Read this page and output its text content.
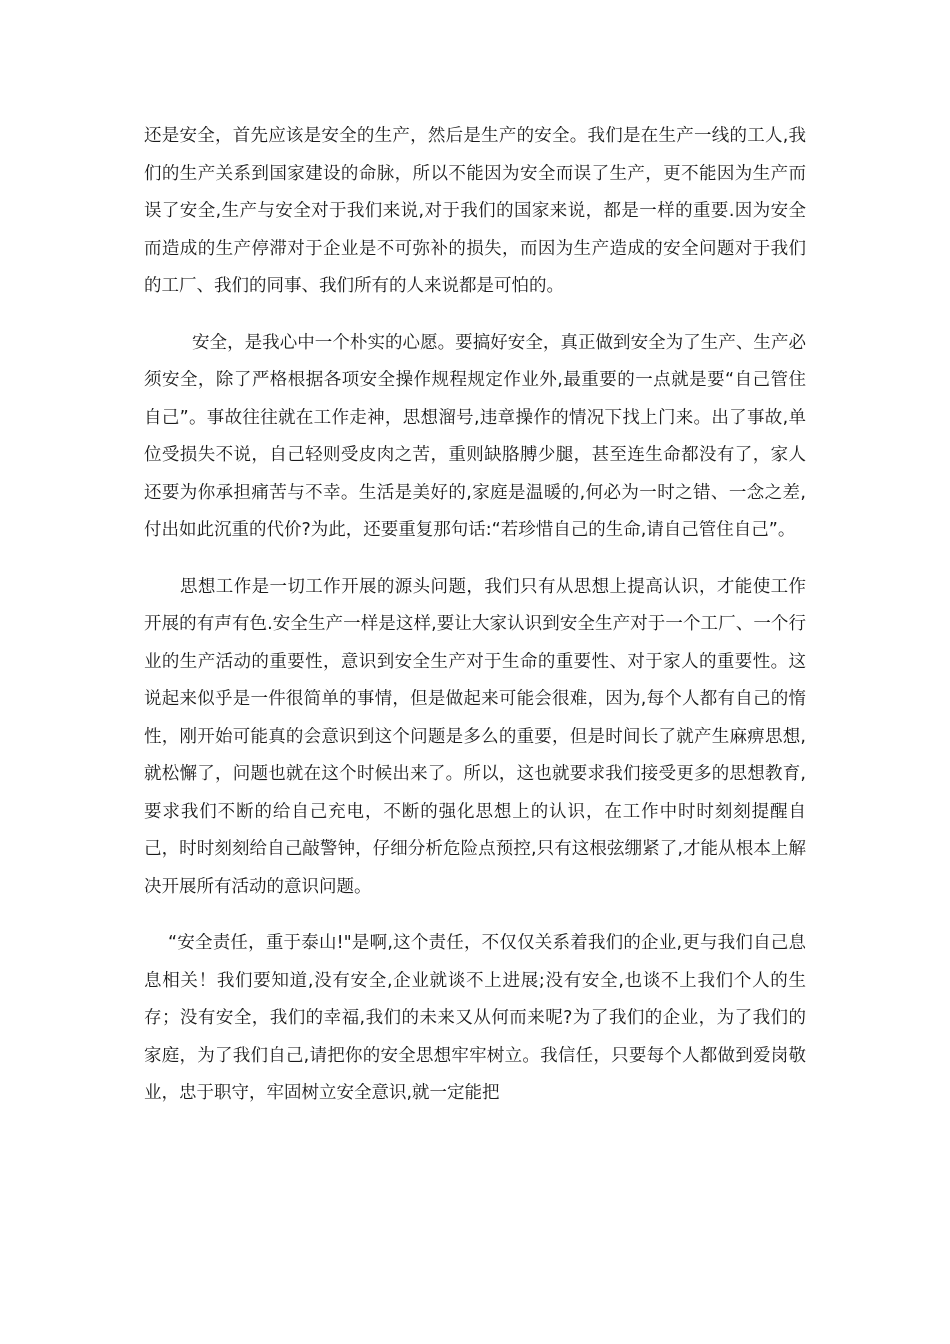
还是安全，首先应该是安全的生产，然后是生产的安全。我们是在生产一线的工人,我们的生产关系到国家建设的命脉，所以不能因为安全而误了生产，更不能因为生产而误了安全,生产与安全对于我们来说,对于我们的国家来说，都是一样的重要.因为安全而造成的生产停滞对于企业是不可弥补的损失，而因为生产造成的安全问题对于我们的工厂、我们的同事、我们所有的人来说都是可怕的。

安全，是我心中一个朴实的心愿。要搞好安全，真正做到安全为了生产、生产必须安全，除了严格根据各项安全操作规程规定作业外,最重要的一点就是要“自己管住自己”。事故往往就在工作走神，思想溜号,违章操作的情况下找上门来。出了事故,单位受损失不说，自己轻则受皮肉之苦，重则缺胳膊少腿，甚至连生命都没有了，家人还要为你承担痛苦与不幸。生活是美好的,家庭是温暖的,何必为一时之错、一念之差,付出如此沉重的代价?为此，还要重复那句话:“若珍惜自己的生命,请自己管住自己”。

思想工作是一切工作开展的源头问题，我们只有从思想上提高认识，才能使工作开展的有声有色.安全生产一样是这样,要让大家认识到安全生产对于一个工厂、一个行业的生产活动的重要性，意识到安全生产对于生命的重要性、对于家人的重要性。这说起来似乎是一件很简单的事情，但是做起来可能会很难，因为,每个人都有自己的惰性，刚开始可能真的会意识到这个问题是多么的重要，但是时间长了就产生麻痹思想,就松懈了，问题也就在这个时候出来了。所以，这也就要求我们接受更多的思想教育,要求我们不断的给自己充电，不断的强化思想上的认识，在工作中时时刻刻提醒自己，时时刻刻给自己敲警钟，仔细分析危险点预控,只有这根弦绷紧了,才能从根本上解决开展所有活动的意识问题。

“安全责任，重于泰山!"是啊,这个责任，不仅仅关系着我们的企业,更与我们自己息息相关！我们要知道,没有安全,企业就谈不上进展;没有安全,也谈不上我们个人的生存；没有安全，我们的幸福,我们的未来又从何而来呢?为了我们的企业，为了我们的家庭，为了我们自己,请把你的安全思想牢牢树立。我信任，只要每个人都做到爱岗敬业，忠于职守，牢固树立安全意识,就一定能把
